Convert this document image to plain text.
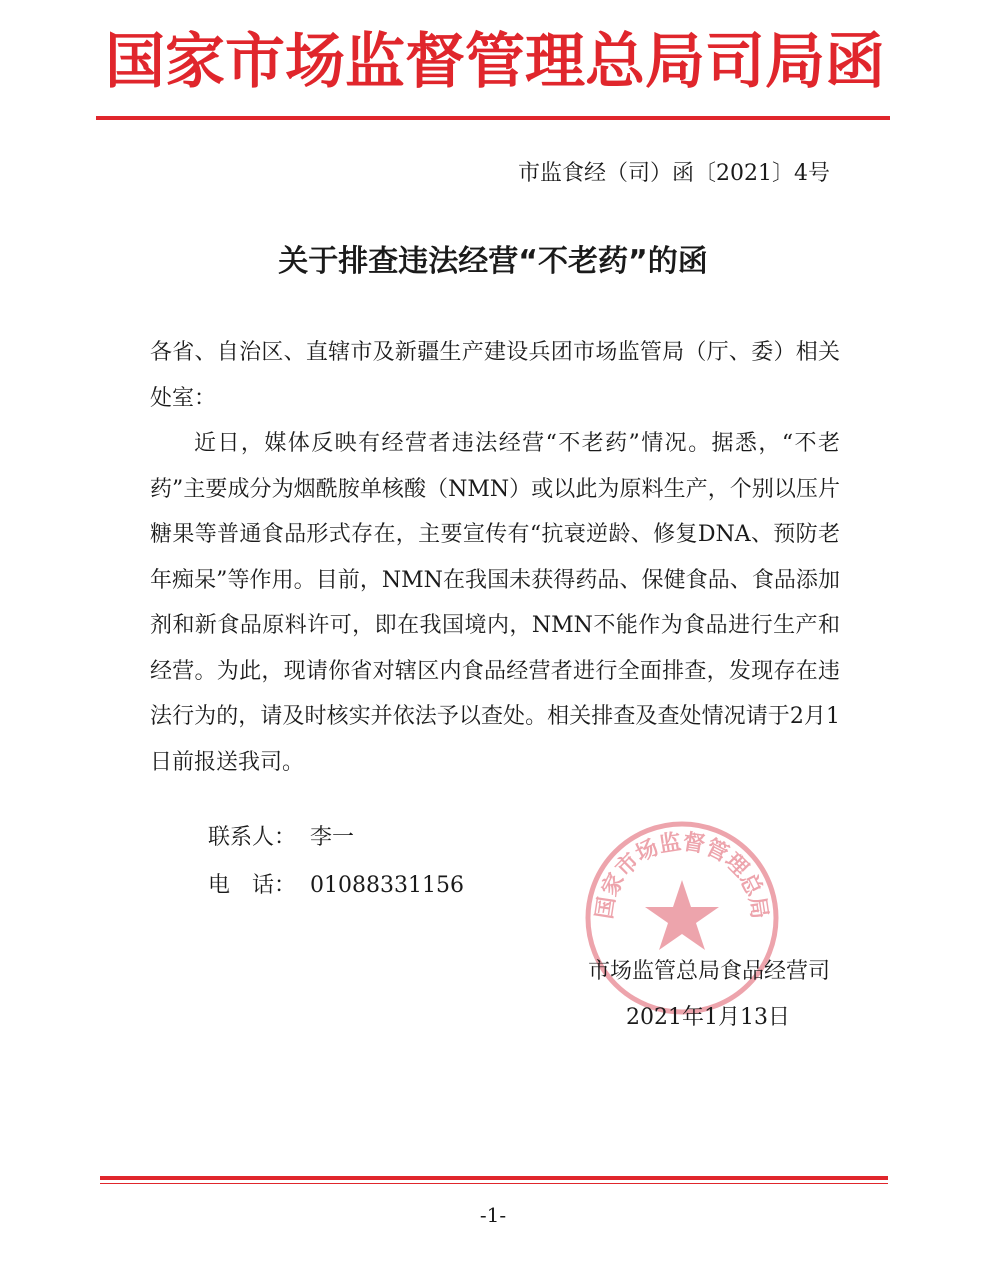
国家市场监督管理总局司局函
市监食经（司）函〔2021〕4号
关于排查违法经营“不老药”的函

各省、自治区、直辖市及新疆生产建设兵团市场监管局（厅、委）相关处室：

近日，媒体反映有经营者违法经营“不老药”情况。据悉，“不老药”主要成分为烟酰胺单核酸（NMN）或以此为原料生产，个别以压片糖果等普通食品形式存在，主要宣传有“抗衰逆龄、修复DNA、预防老年痴呆”等作用。目前，NMN在我国未获得药品、保健食品、食品添加剂和新食品原料许可，即在我国境内，NMN不能作为食品进行生产和经营。为此，现请你省对辖区内食品经营者进行全面排查，发现存在违法行为的，请及时核实并依法予以查处。相关排查及查处情况请于2月1日前报送我司。

联系人： 李一
电　话： 01088331156
国家市场监督管理总局
市场监管总局食品经营司
2021年1月13日
-1-
